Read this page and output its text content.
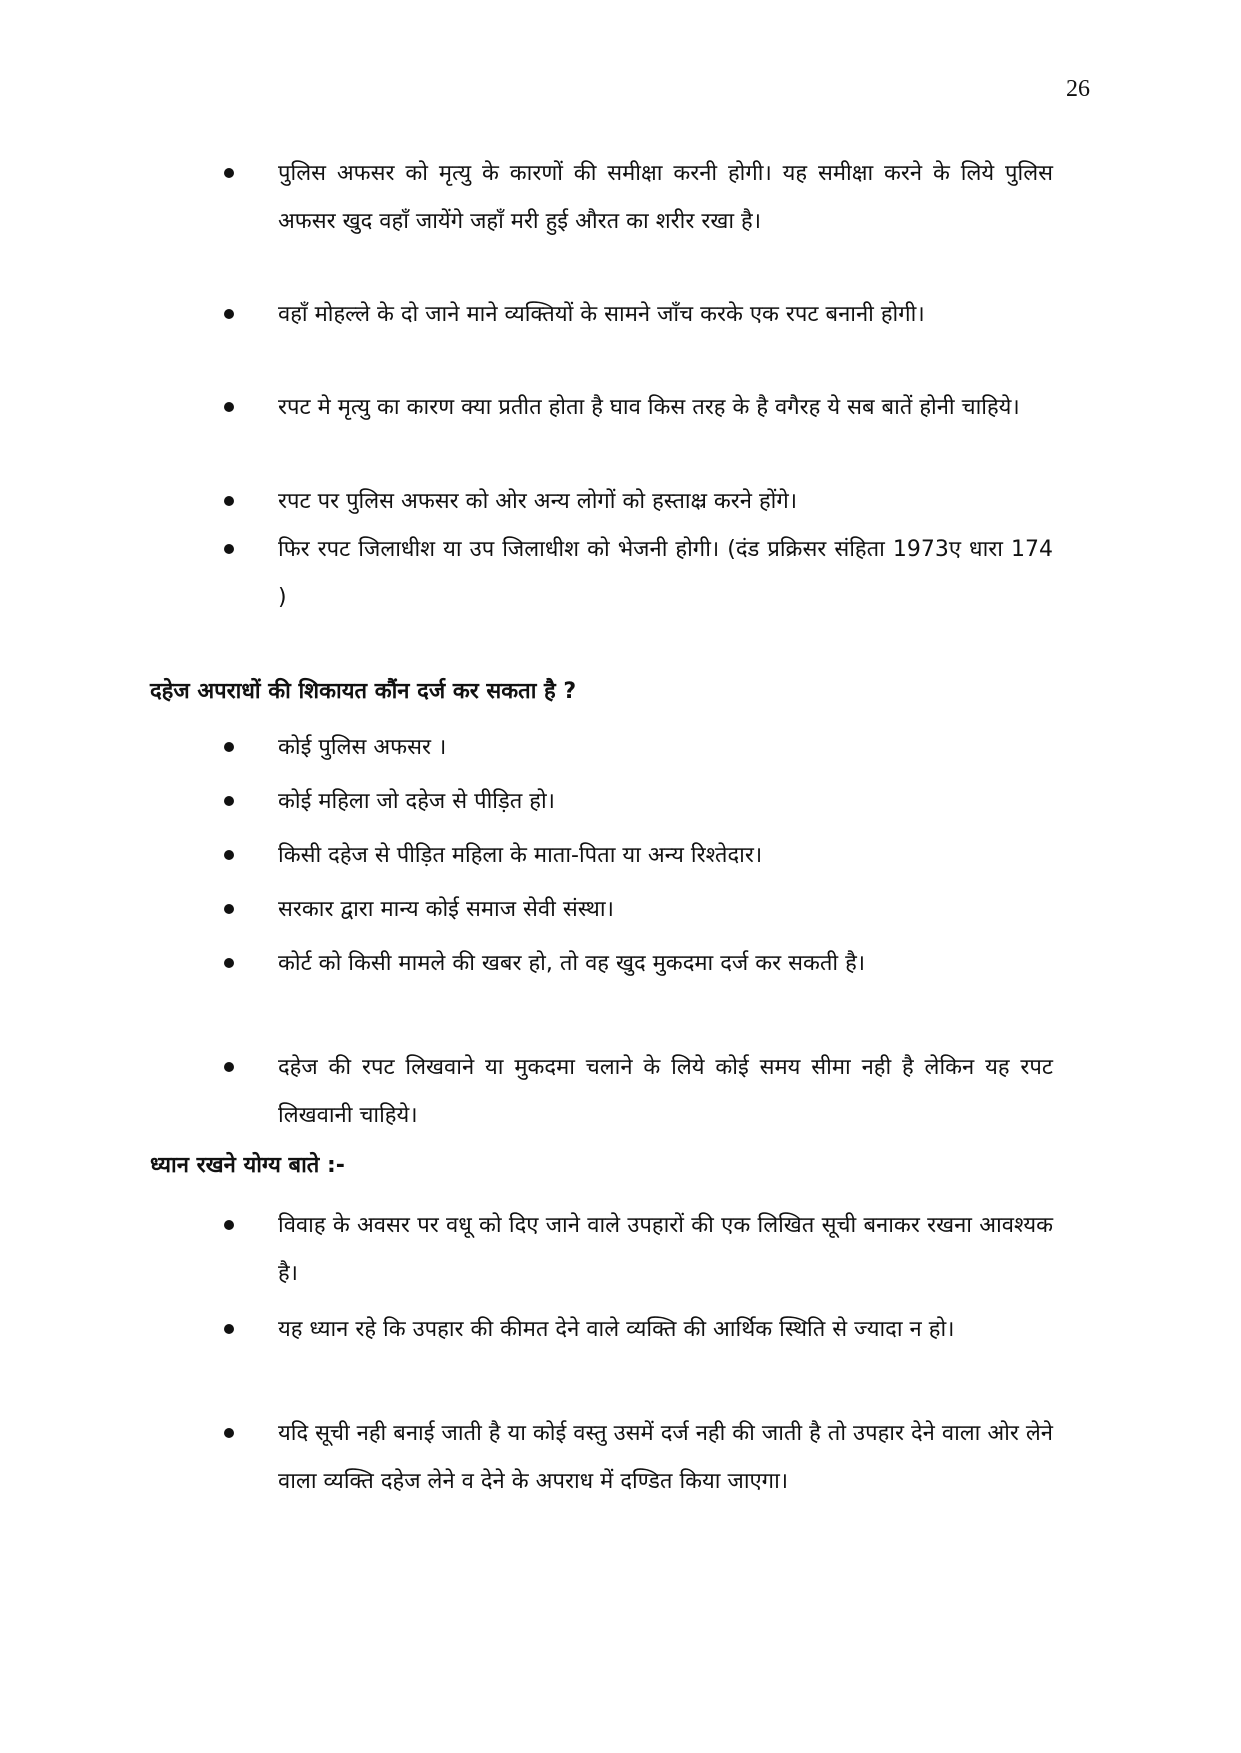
26
पुलिस अफसर को मृत्यु के कारणों की समीक्षा करनी होगी। यह समीक्षा करने के लिये पुलिस अफसर खुद वहाँ जायेंगे जहाँ मरी हुई औरत का शरीर रखा है।
वहाँ मोहल्ले के दो जाने माने व्यक्तियों के सामने जाँच करके एक रपट बनानी होगी।
रपट मे मृत्यु का कारण क्या प्रतीत होता है घाव किस तरह के है वगैरह ये सब बातें होनी चाहिये।
रपट पर पुलिस अफसर को ओर अन्य लोगों को हस्ताक्ष्र करने होंगे।
फिर रपट जिलाधीश या उप जिलाधीश को भेजनी होगी। (दंड प्रक्रिसर संहिता 1973ए धारा 174 )
दहेज अपराधों की शिकायत कौंन दर्ज कर सकता है ?
कोई पुलिस अफसर ।
कोई महिला जो दहेज से पीड़ित हो।
किसी दहेज से पीड़ित महिला के माता-पिता या अन्य रिश्तेदार।
सरकार द्वारा मान्य कोई समाज सेवी संस्था।
कोर्ट को किसी मामले की खबर हो, तो वह खुद मुकदमा दर्ज कर सकती है।
दहेज की रपट लिखवाने या मुकदमा चलाने के लिये कोई समय सीमा नही है लेकिन यह रपट लिखवानी चाहिये।
ध्यान रखने योग्य बाते :-
विवाह के अवसर पर वधू को दिए जाने वाले उपहारों की एक लिखित सूची बनाकर रखना आवश्यक है।
यह ध्यान रहे कि उपहार की कीमत देने वाले व्यक्ति की आर्थिक स्थिति से ज्यादा न हो।
यदि सूची नही बनाई जाती है या कोई वस्तु उसमें दर्ज नही की जाती है तो उपहार देने वाला ओर लेने वाला व्यक्ति दहेज लेने व देने के अपराध में दण्डित किया जाएगा।
